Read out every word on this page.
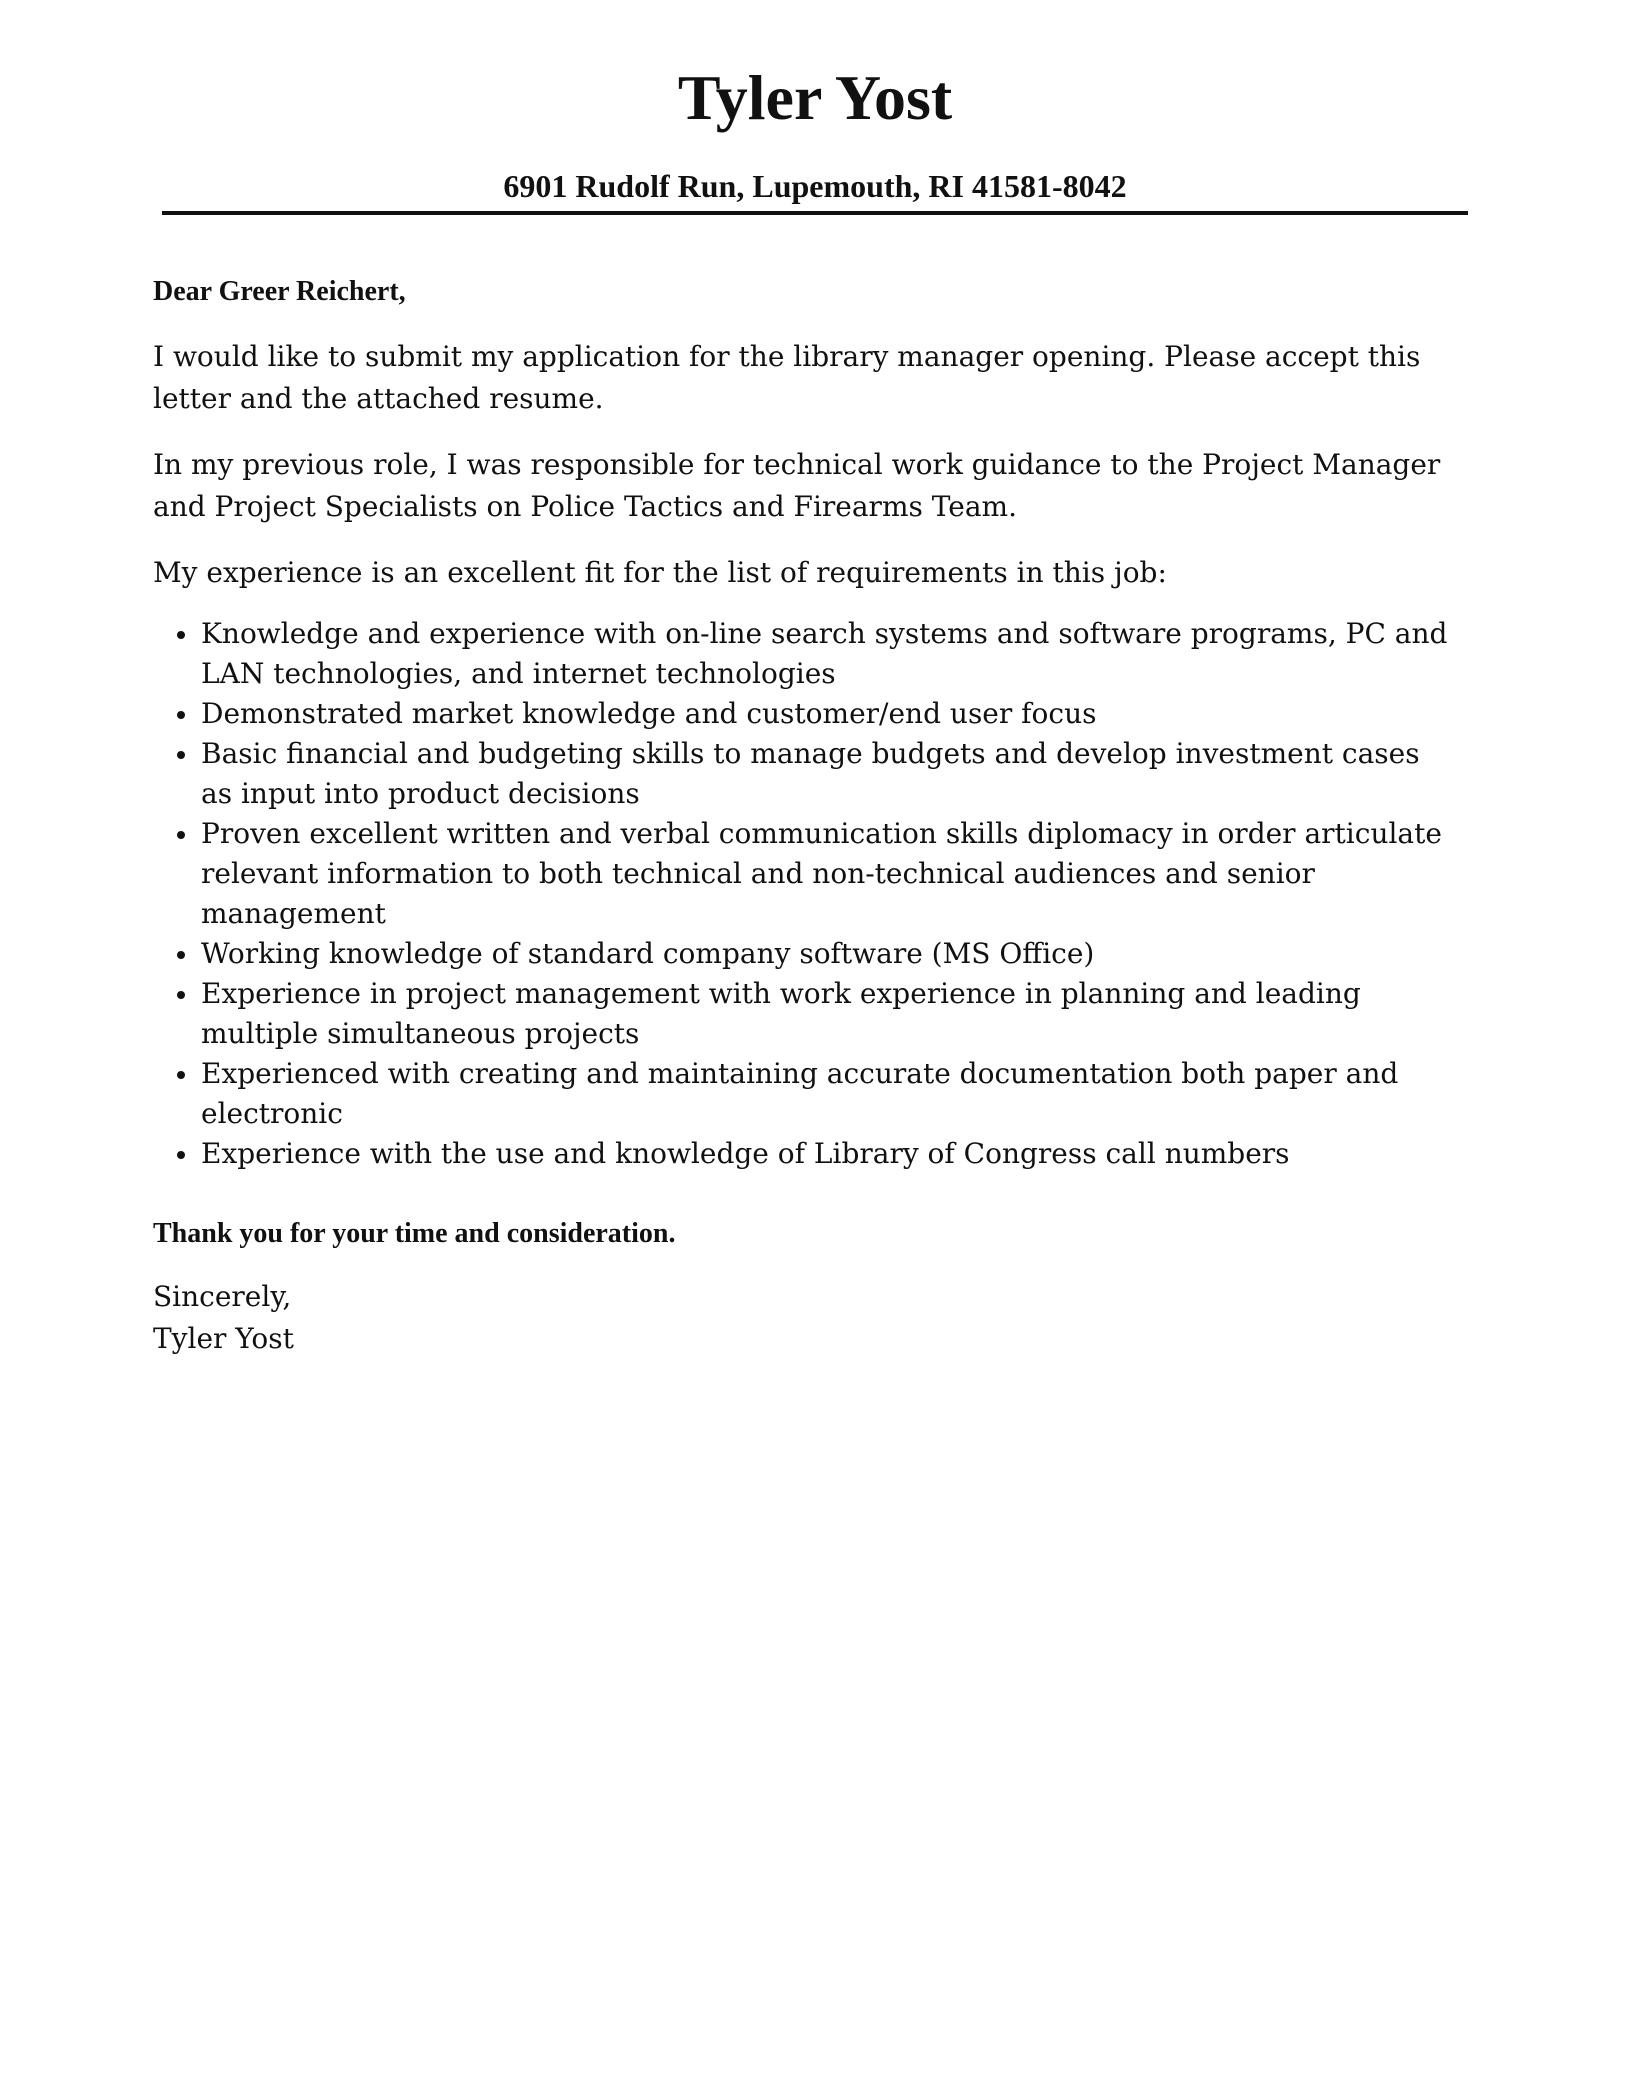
Tyler Yost
6901 Rudolf Run, Lupemouth, RI 41581-8042

Dear Greer Reichert,

I would like to submit my application for the library manager opening. Please accept this letter and the attached resume.

In my previous role, I was responsible for technical work guidance to the Project Manager and Project Specialists on Police Tactics and Firearms Team.

My experience is an excellent fit for the list of requirements in this job:

Knowledge and experience with on-line search systems and software programs, PC and LAN technologies, and internet technologies
Demonstrated market knowledge and customer/end user focus
Basic financial and budgeting skills to manage budgets and develop investment cases as input into product decisions
Proven excellent written and verbal communication skills diplomacy in order articulate relevant information to both technical and non-technical audiences and senior management
Working knowledge of standard company software (MS Office)
Experience in project management with work experience in planning and leading multiple simultaneous projects
Experienced with creating and maintaining accurate documentation both paper and electronic
Experience with the use and knowledge of Library of Congress call numbers

Thank you for your time and consideration.

Sincerely,

Tyler Yost
